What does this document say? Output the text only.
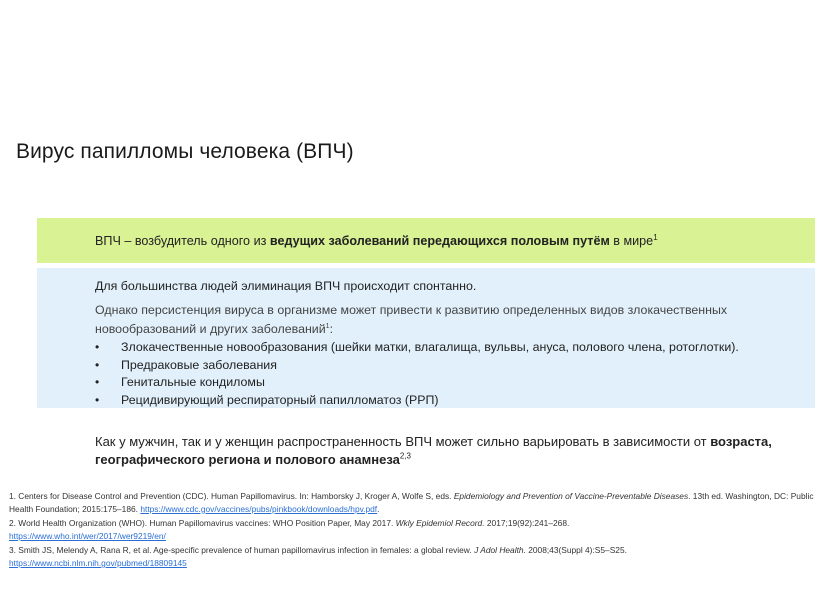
Вирус папилломы человека (ВПЧ)
ВПЧ – возбудитель одного из ведущих заболеваний передающихся половым путём в мире$^1$
Для большинства людей элиминация ВПЧ происходит спонтанно.
Однако персистенция вируса в организме может привести к развитию определенных видов злокачественных новообразований и других заболеваний$^1$:
• Злокачественные новообразования (шейки матки, влагалища, вульвы, ануса, полового члена, ротоглотки).
• Предраковые заболевания
• Генитальные кондиломы
• Рецидивирующий респираторный папилломатоз (РРП)
Как у мужчин, так и у женщин распространенность ВПЧ может сильно варьировать в зависимости от возраста, географического региона и полового анамнеза$^{2,3}$
1. Centers for Disease Control and Prevention (CDC). Human Papillomavirus. In: Hamborsky J, Kroger A, Wolfe S, eds. Epidemiology and Prevention of Vaccine-Preventable Diseases. 13th ed. Washington, DC: Public Health Foundation; 2015:175–186. https://www.cdc.gov/vaccines/pubs/pinkbook/downloads/hpv.pdf.
2. World Health Organization (WHO). Human Papillomavirus vaccines: WHO Position Paper, May 2017. Wkly Epidemiol Record. 2017;19(92):241–268.
https://www.who.int/wer/2017/wer9219/en/
3. Smith JS, Melendy A, Rana R, et al. Age-specific prevalence of human papillomavirus infection in females: a global review. J Adol Health. 2008;43(Suppl 4):S5–S25.
https://www.ncbi.nlm.nih.gov/pubmed/18809145
